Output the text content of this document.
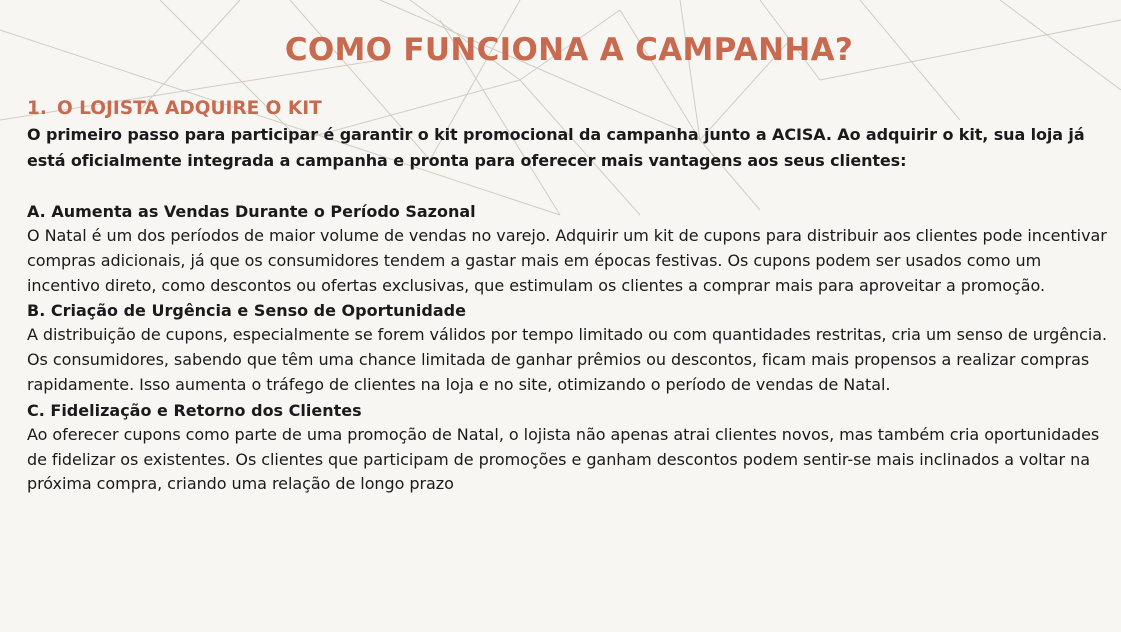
COMO FUNCIONA A CAMPANHA?
1. O LOJISTA ADQUIRE O KIT

O primeiro passo para participar é garantir o kit promocional da campanha junto a ACISA. Ao adquirir o kit, sua loja já está oficialmente integrada a campanha e pronta para oferecer mais vantagens aos seus clientes:

A. Aumenta as Vendas Durante o Período Sazonal

O Natal é um dos períodos de maior volume de vendas no varejo. Adquirir um kit de cupons para distribuir aos clientes pode incentivar compras adicionais, já que os consumidores tendem a gastar mais em épocas festivas. Os cupons podem ser usados como um incentivo direto, como descontos ou ofertas exclusivas, que estimulam os clientes a comprar mais para aproveitar a promoção.

B. Criação de Urgência e Senso de Oportunidade

A distribuição de cupons, especialmente se forem válidos por tempo limitado ou com quantidades restritas, cria um senso de urgência. Os consumidores, sabendo que têm uma chance limitada de ganhar prêmios ou descontos, ficam mais propensos a realizar compras rapidamente. Isso aumenta o tráfego de clientes na loja e no site, otimizando o período de vendas de Natal.

C. Fidelização e Retorno dos Clientes

Ao oferecer cupons como parte de uma promoção de Natal, o lojista não apenas atrai clientes novos, mas também cria oportunidades de fidelizar os existentes. Os clientes que participam de promoções e ganham descontos podem sentir-se mais inclinados a voltar na próxima compra, criando uma relação de longo prazo
